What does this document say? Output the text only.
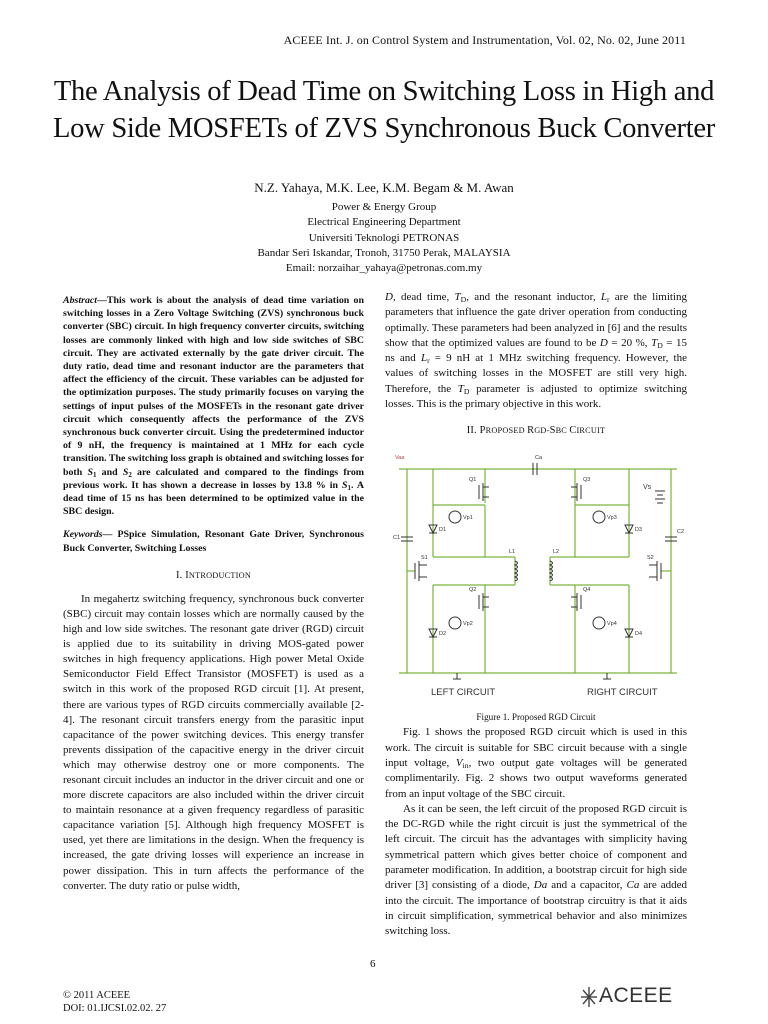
ACEEE Int. J. on Control System and Instrumentation, Vol. 02, No. 02, June 2011
The Analysis of Dead Time on Switching Loss in High and Low Side MOSFETs of ZVS Synchronous Buck Converter
N.Z. Yahaya, M.K. Lee, K.M. Begam & M. Awan
Power & Energy Group
Electrical Engineering Department
Universiti Teknologi PETRONAS
Bandar Seri Iskandar, Tronoh, 31750 Perak, MALAYSIA
Email: norzaihar_yahaya@petronas.com.my

Abstract—This work is about the analysis of dead time variation on switching losses in a Zero Voltage Switching (ZVS) synchronous buck converter (SBC) circuit. In high frequency converter circuits, switching losses are commonly linked with high and low side switches of SBC circuit. They are activated externally by the gate driver circuit. The duty ratio, dead time and resonant inductor are the parameters that affect the efficiency of the circuit. These variables can be adjusted for the optimization purposes. The study primarily focuses on varying the settings of input pulses of the MOSFETs in the resonant gate driver circuit which consequently affects the performance of the ZVS synchronous buck converter circuit. Using the predetermined inductor of 9 nH, the frequency is maintained at 1 MHz for each cycle transition. The switching loss graph is obtained and switching losses for both $S_1$ and $S_2$ are calculated and compared to the findings from previous work. It has shown a decrease in losses by 13.8 % in $S_1$. A dead time of 15 ns has been determined to be optimized value in the SBC design.

Keywords— PSpice Simulation, Resonant Gate Driver, Synchronous Buck Converter, Switching Losses

I. INTRODUCTION

In megahertz switching frequency, synchronous buck converter (SBC) circuit may contain losses which are normally caused by the high and low side switches. The resonant gate driver (RGD) circuit is applied due to its suitability in driving MOS-gated power switches in high frequency applications. High power Metal Oxide Semiconductor Field Effect Transistor (MOSFET) is used as a switch in this work of the proposed RGD circuit [1]. At present, there are various types of RGD circuits commercially available [2-4]. The resonant circuit transfers energy from the parasitic input capacitance of the power switching devices. This energy transfer prevents dissipation of the capacitive energy in the driver circuit which may otherwise destroy one or more components. The resonant circuit includes an inductor in the driver circuit and one or more discrete capacitors are also included within the driver circuit to maintain resonance at a given frequency regardless of parasitic capacitance variation [5]. Although high frequency MOSFET is used, yet there are limitations in the design. When the frequency is increased, the gate driving losses will experience an increase in power dissipation. This in turn affects the performance of the converter. The duty ratio or pulse width,

D, dead time, $T_D$, and the resonant inductor, $L_r$ are the limiting parameters that influence the gate driver operation from conducting optimally. These parameters had been analyzed in [6] and the results show that the optimized values are found to be D = 20 %, $T_D = 15$ ns and $L_r = 9$ nH at 1 MHz switching frequency. However, the values of switching losses in the MOSFET are still very high. Therefore, the $T_D$ parameter is adjusted to optimize switching losses. This is the primary objective in this work.

II. PROPOSED RGD-SBC CIRCUIT
Vaa	Ca
Vs
Q1
Q2
Q3
Q4
S1	S2
L1	L2
C1
C2
Vp1
Vp2
Vp3
Vp4
D1
D2
D3
D4
LEFT CIRCUIT	RIGHT CIRCUIT
Figure 1. Proposed RGD Circuit

Fig. 1 shows the proposed RGD circuit which is used in this work. The circuit is suitable for SBC circuit because with a single input voltage, $V_{in}$, two output gate voltages will be generated complimentarily. Fig. 2 shows two output waveforms generated from an input voltage of the SBC circuit.

As it can be seen, the left circuit of the proposed RGD circuit is the DC-RGD while the right circuit is just the symmetrical of the left circuit. The circuit has the advantages with simplicity having symmetrical pattern which gives better choice of component and parameter modification. In addition, a bootstrap circuit for high side driver [3] consisting of a diode, Da and a capacitor, Ca are added into the circuit. The importance of bootstrap circuitry is that it aids in circuit simplification, symmetrical behavior and also minimizes switching loss.

6
© 2011 ACEEE
DOI: 01.IJCSI.02.02. 27
ACEEE
